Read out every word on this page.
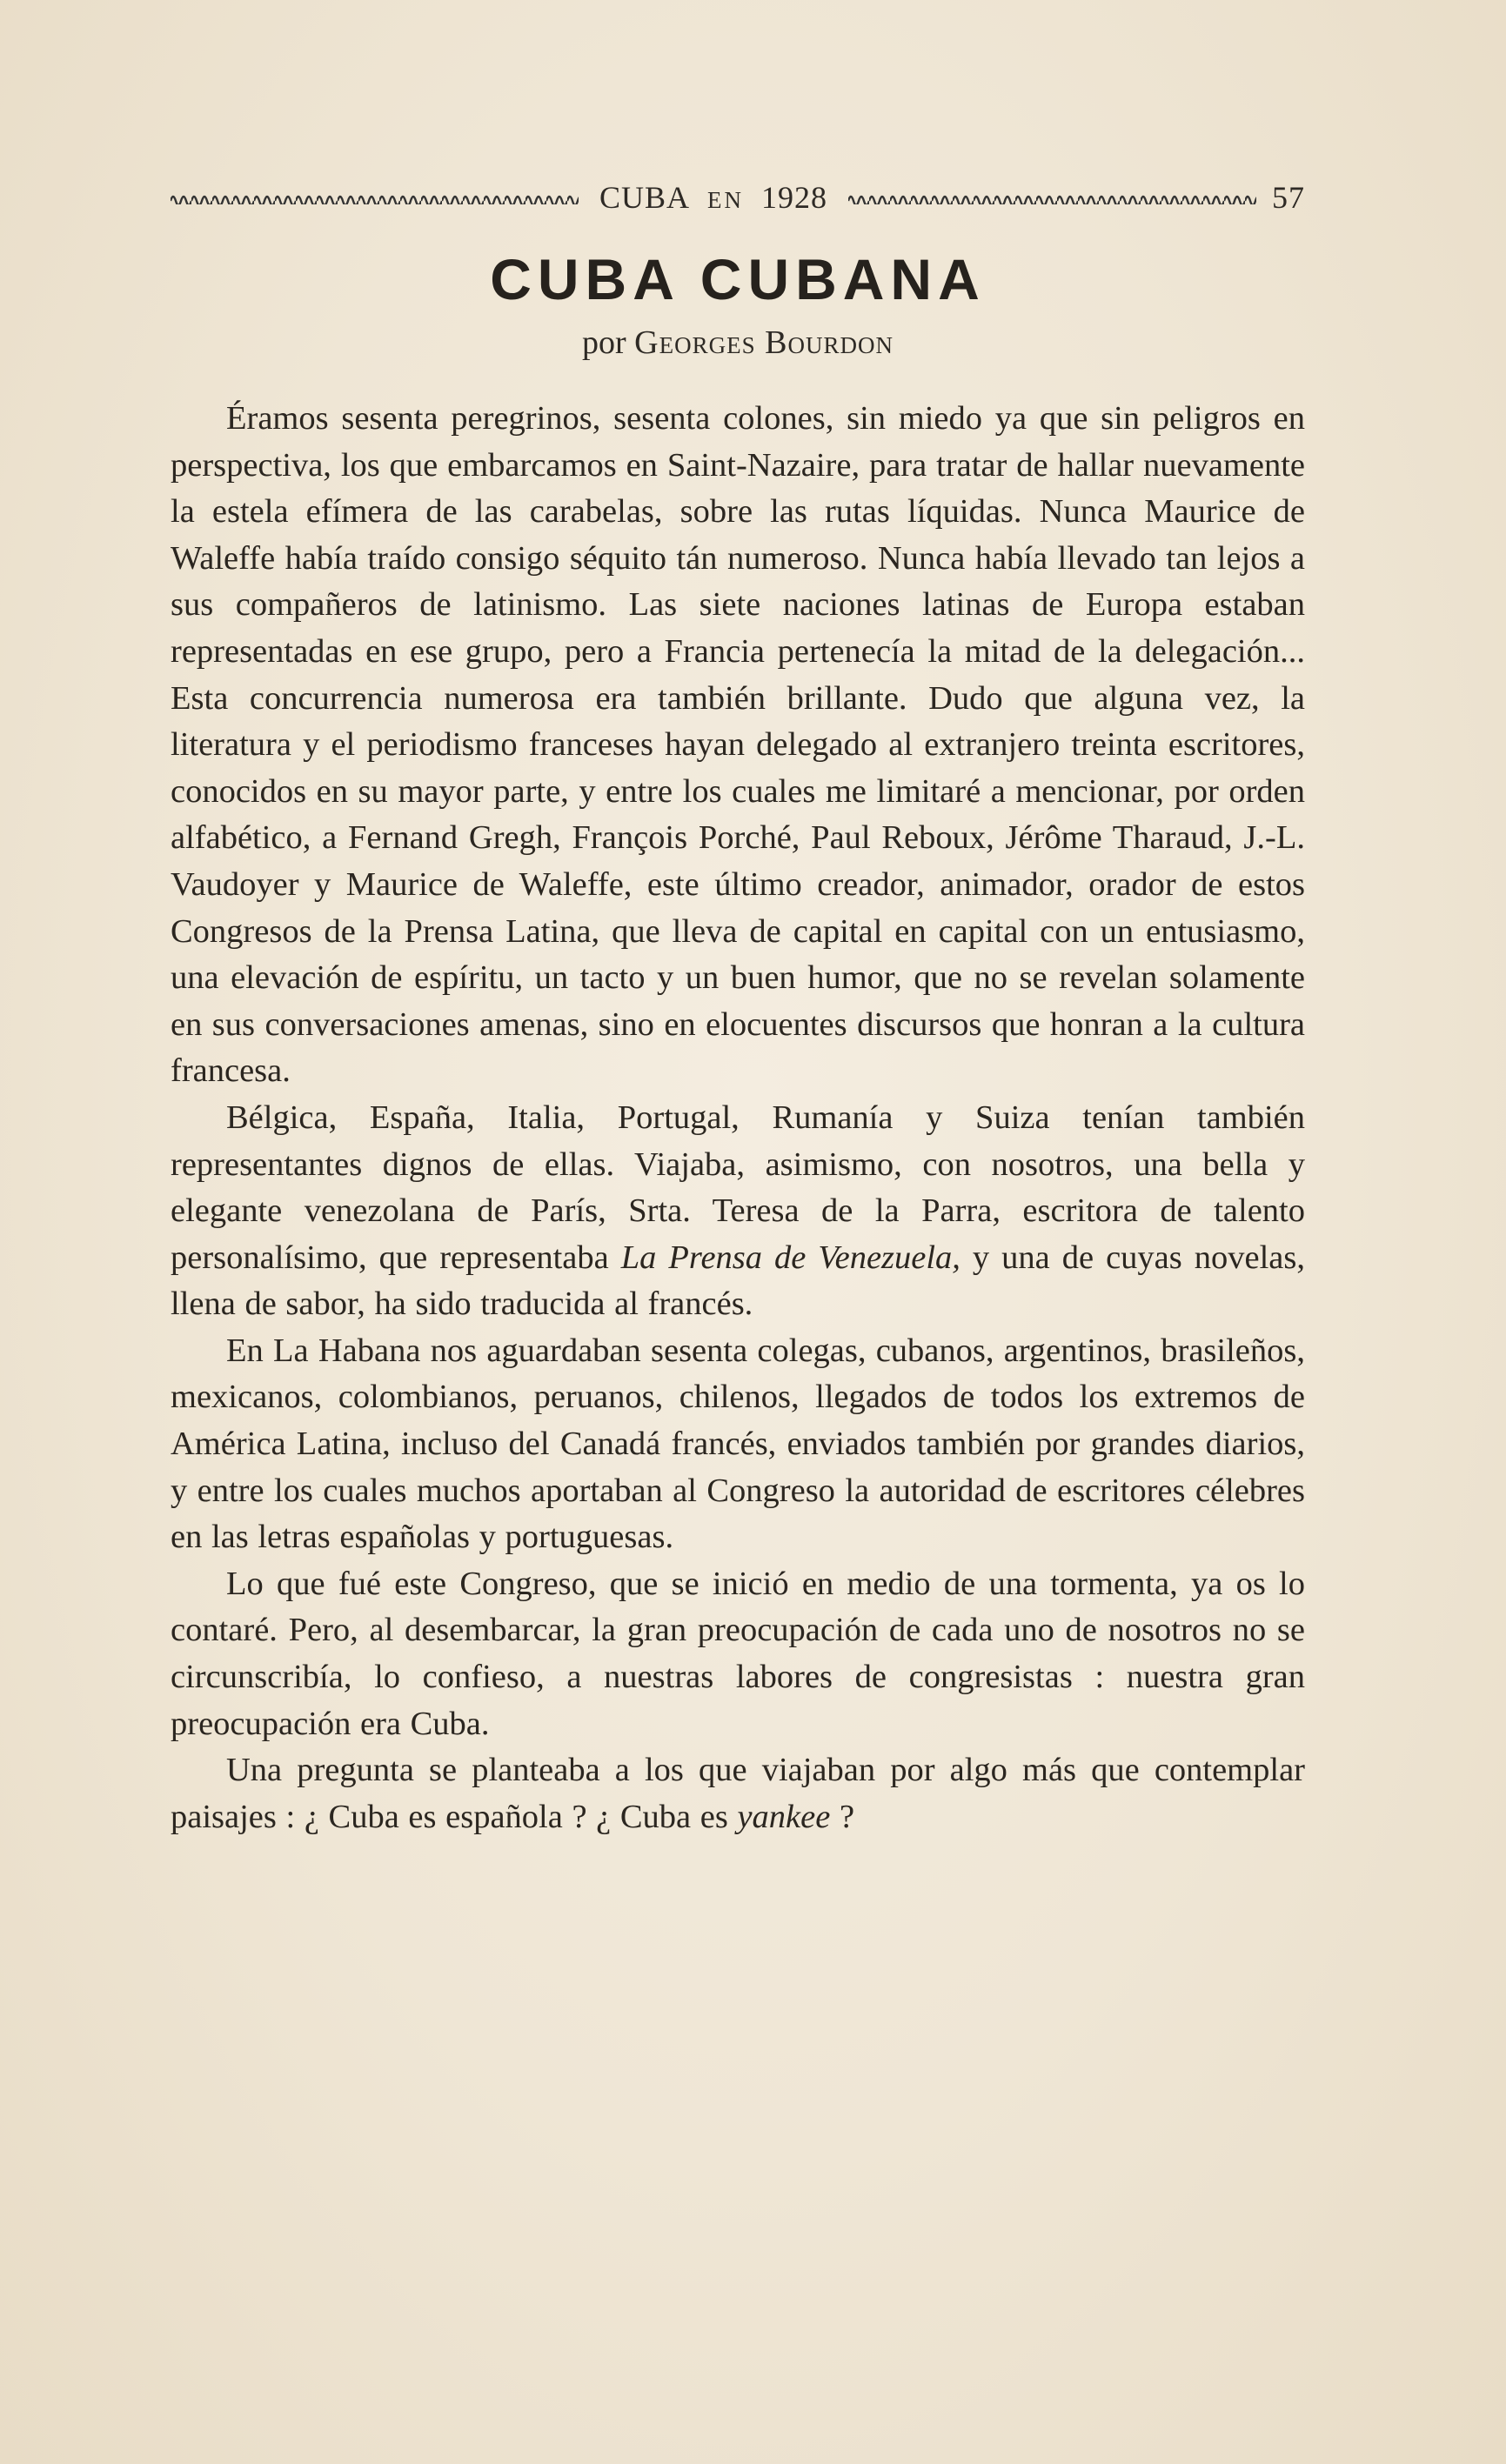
CUBA EN 1928	57
CUBA CUBANA
por Georges Bourdon

Éramos sesenta peregrinos, sesenta colones, sin miedo ya que sin peligros en perspectiva, los que embarcamos en Saint-Nazaire, para tratar de hallar nuevamente la estela efímera de las carabelas, sobre las rutas líquidas. Nunca Maurice de Waleffe había traído consigo séquito tán numeroso. Nunca había llevado tan lejos a sus compañeros de latinismo. Las siete naciones latinas de Europa estaban representadas en ese grupo, pero a Francia pertenecía la mitad de la delegación... Esta concurrencia numerosa era también brillante. Dudo que alguna vez, la literatura y el periodismo franceses hayan delegado al extranjero treinta escritores, conocidos en su mayor parte, y entre los cuales me limitaré a mencionar, por orden alfabético, a Fernand Gregh, François Porché, Paul Reboux, Jérôme Tharaud, J.-L. Vaudoyer y Maurice de Waleffe, este último creador, animador, orador de estos Congresos de la Prensa Latina, que lleva de capital en capital con un entusiasmo, una elevación de espíritu, un tacto y un buen humor, que no se revelan solamente en sus conversaciones amenas, sino en elocuentes discursos que honran a la cultura francesa.

Bélgica, España, Italia, Portugal, Rumanía y Suiza tenían también representantes dignos de ellas. Viajaba, asimismo, con nosotros, una bella y elegante venezolana de París, Srta. Teresa de la Parra, escritora de talento personalísimo, que representaba La Prensa de Venezuela, y una de cuyas novelas, llena de sabor, ha sido traducida al francés.

En La Habana nos aguardaban sesenta colegas, cubanos, argentinos, brasileños, mexicanos, colombianos, peruanos, chilenos, llegados de todos los extremos de América Latina, incluso del Canadá francés, enviados también por grandes diarios, y entre los cuales muchos aportaban al Congreso la autoridad de escritores célebres en las letras españolas y portuguesas.

Lo que fué este Congreso, que se inició en medio de una tormenta, ya os lo contaré. Pero, al desembarcar, la gran preocupación de cada uno de nosotros no se circunscribía, lo confieso, a nuestras labores de congresistas : nuestra gran preocupación era Cuba.

Una pregunta se planteaba a los que viajaban por algo más que contemplar paisajes : ¿ Cuba es española ? ¿ Cuba es yankee ?
